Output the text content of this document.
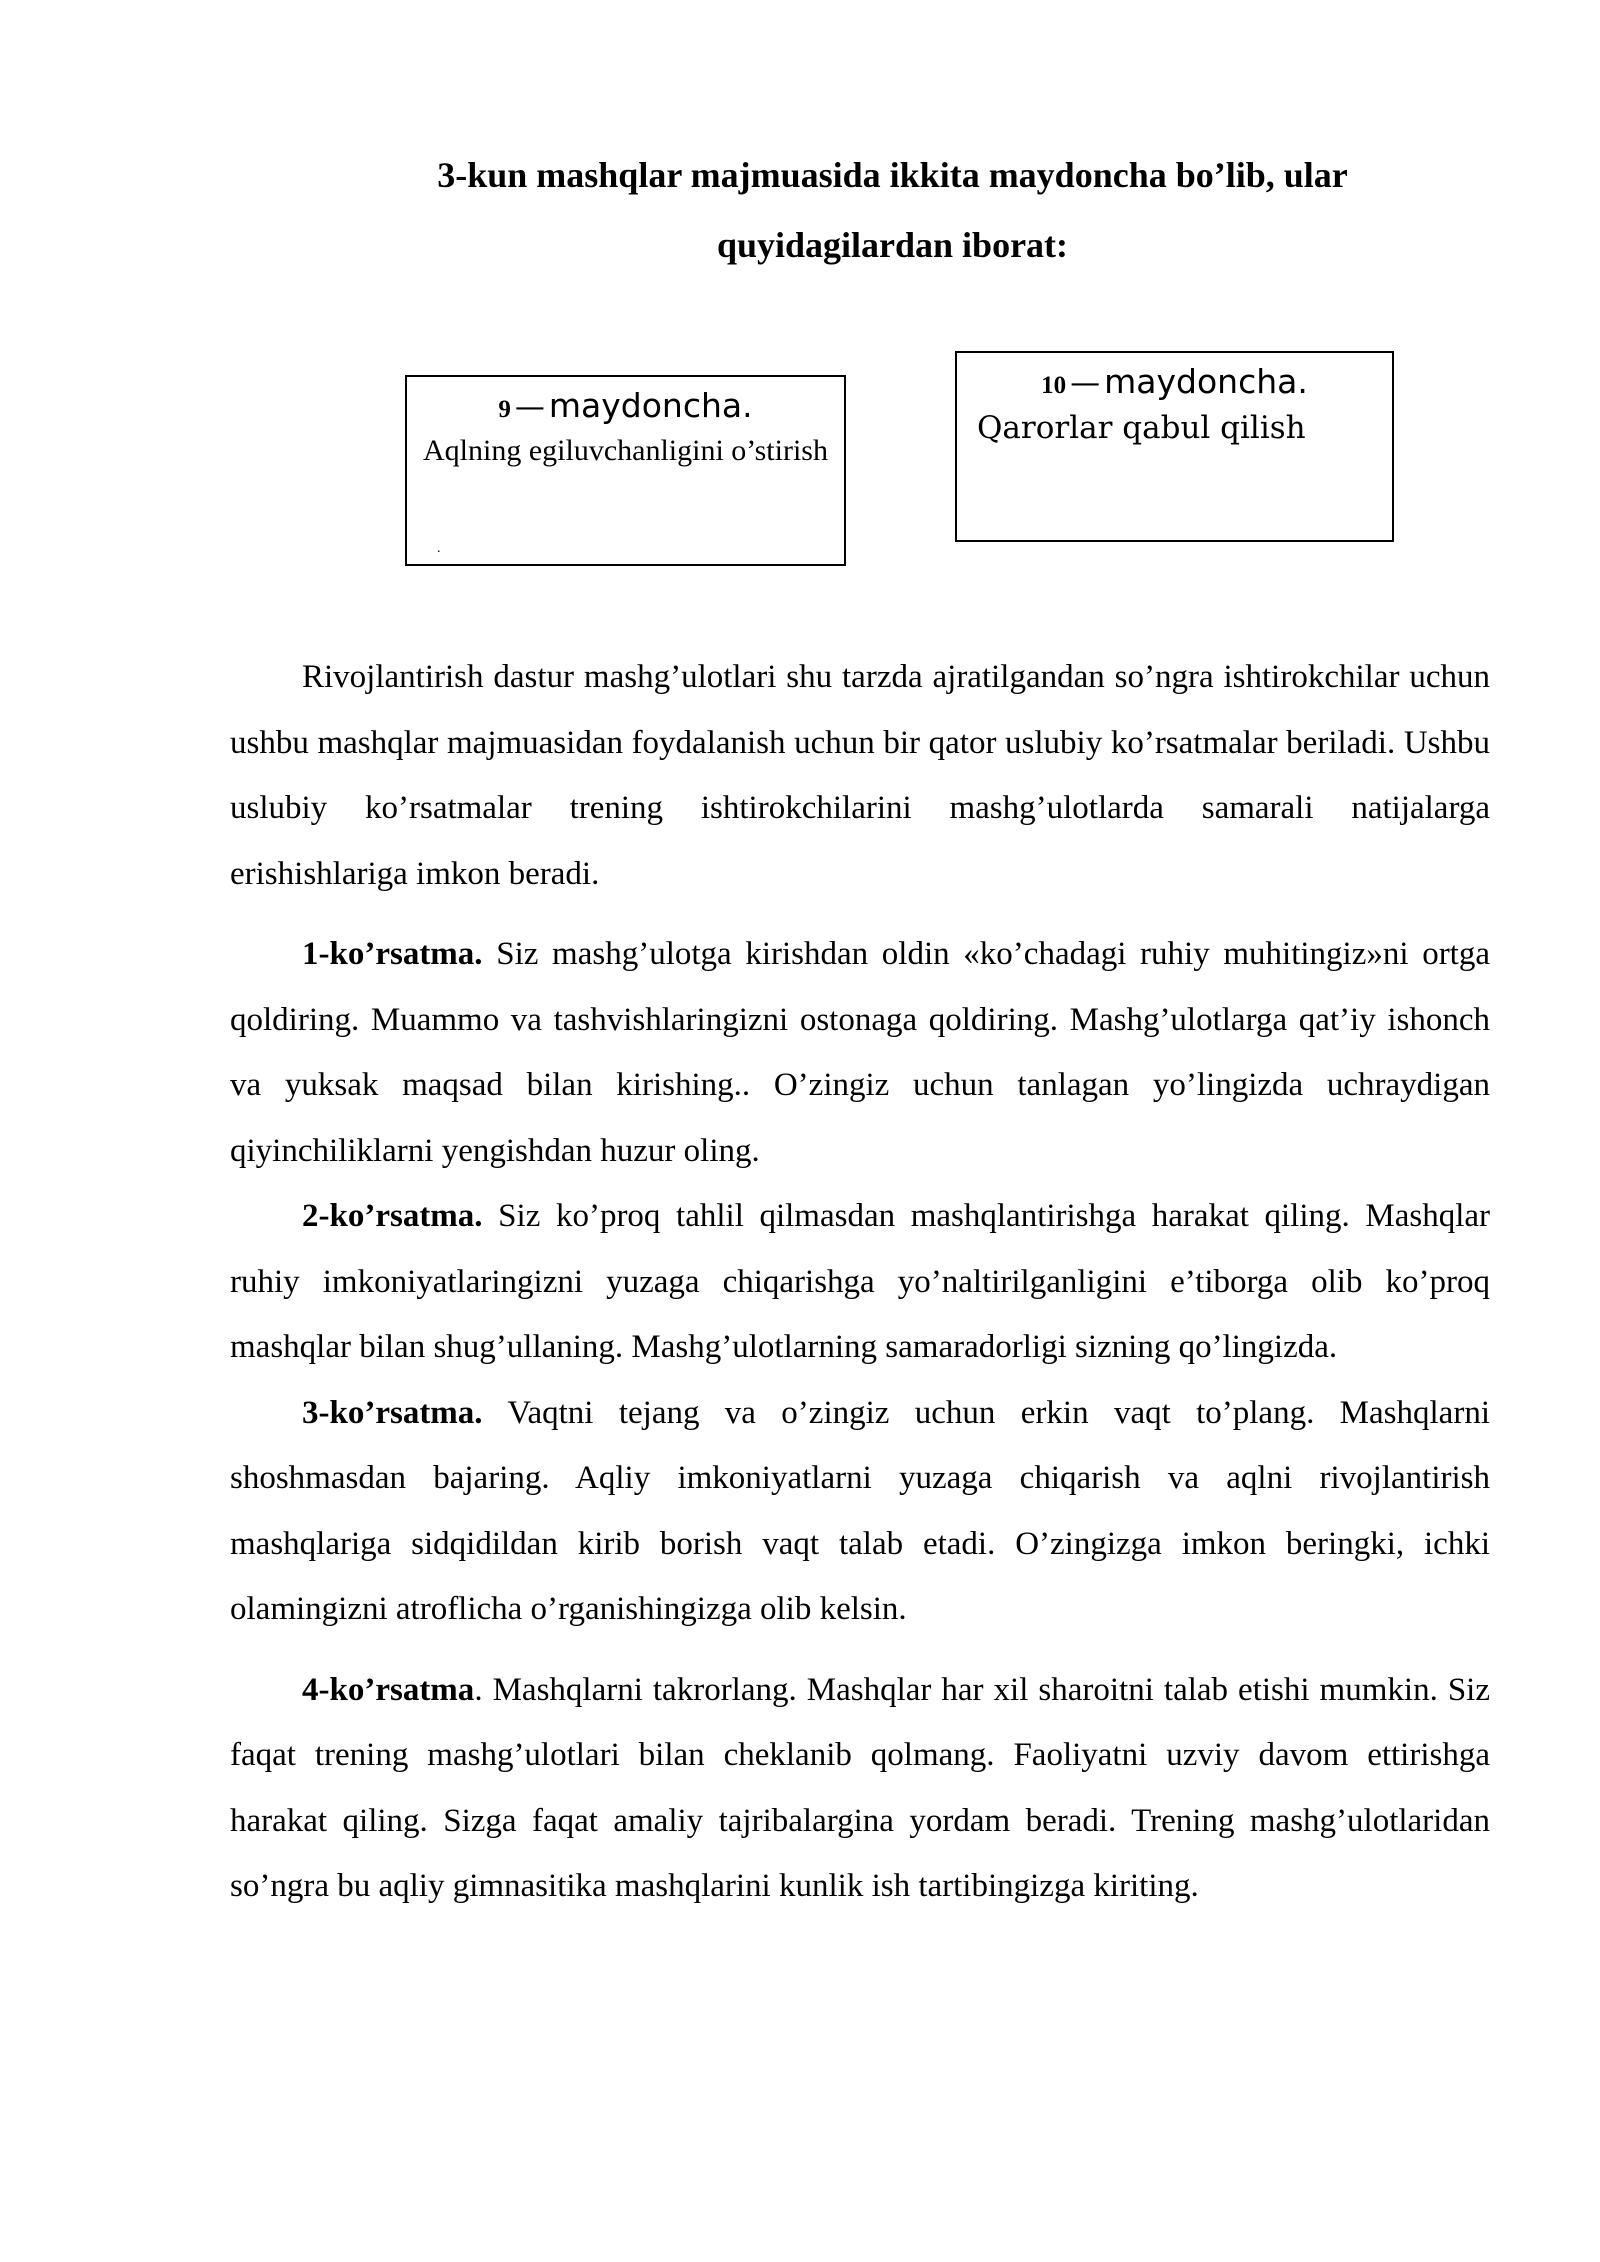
3-kun mashqlar majmuasida ikkita maydoncha bo’lib, ular
quyidagilardan iborat:
9 — maydoncha.
Aqlning egiluvchanligini o’stirish
.
10 — maydoncha.
Qarorlar qabul qilish

Rivojlantirish dastur mashg’ulotlari shu tarzda ajratilgandan so’ngra ishtirokchilar uchun ushbu mashqlar majmuasidan foydalanish uchun bir qator uslubiy ko’rsatmalar beriladi. Ushbu uslubiy ko’rsatmalar trening ishtirokchilarini mashg’ulotlarda samarali natijalarga erishishlariga imkon beradi.

1-ko’rsatma. Siz mashg’ulotga kirishdan oldin «ko’chadagi ruhiy muhitingiz»ni ortga qoldiring. Muammo va tashvishlaringizni ostonaga qoldiring. Mashg’ulotlarga qat’iy ishonch va yuksak maqsad bilan kirishing.. O’zingiz uchun tanlagan yo’lingizda uchraydigan qiyinchiliklarni yengishdan huzur oling.

2-ko’rsatma. Siz ko’proq tahlil qilmasdan mashqlantirishga harakat qiling. Mashqlar ruhiy imkoniyatlaringizni yuzaga chiqarishga yo’naltirilganligini e’tiborga olib ko’proq mashqlar bilan shug’ullaning. Mashg’ulotlarning samaradorligi sizning qo’lingizda.

3-ko’rsatma. Vaqtni tejang va o’zingiz uchun erkin vaqt to’plang. Mashqlarni shoshmasdan bajaring. Aqliy imkoniyatlarni yuzaga chiqarish va aqlni rivojlantirish mashqlariga sidqidildan kirib borish vaqt talab etadi. O’zingizga imkon beringki, ichki olamingizni atroflicha o’rganishingizga olib kelsin.

4-ko’rsatma. Mashqlarni takrorlang. Mashqlar har xil sharoitni talab etishi mumkin. Siz faqat trening mashg’ulotlari bilan cheklanib qolmang. Faoliyatni uzviy davom ettirishga harakat qiling. Sizga faqat amaliy tajribalargina yordam beradi. Trening mashg’ulotlaridan so’ngra bu aqliy gimnasitika mashqlarini kunlik ish tartibingizga kiriting.
